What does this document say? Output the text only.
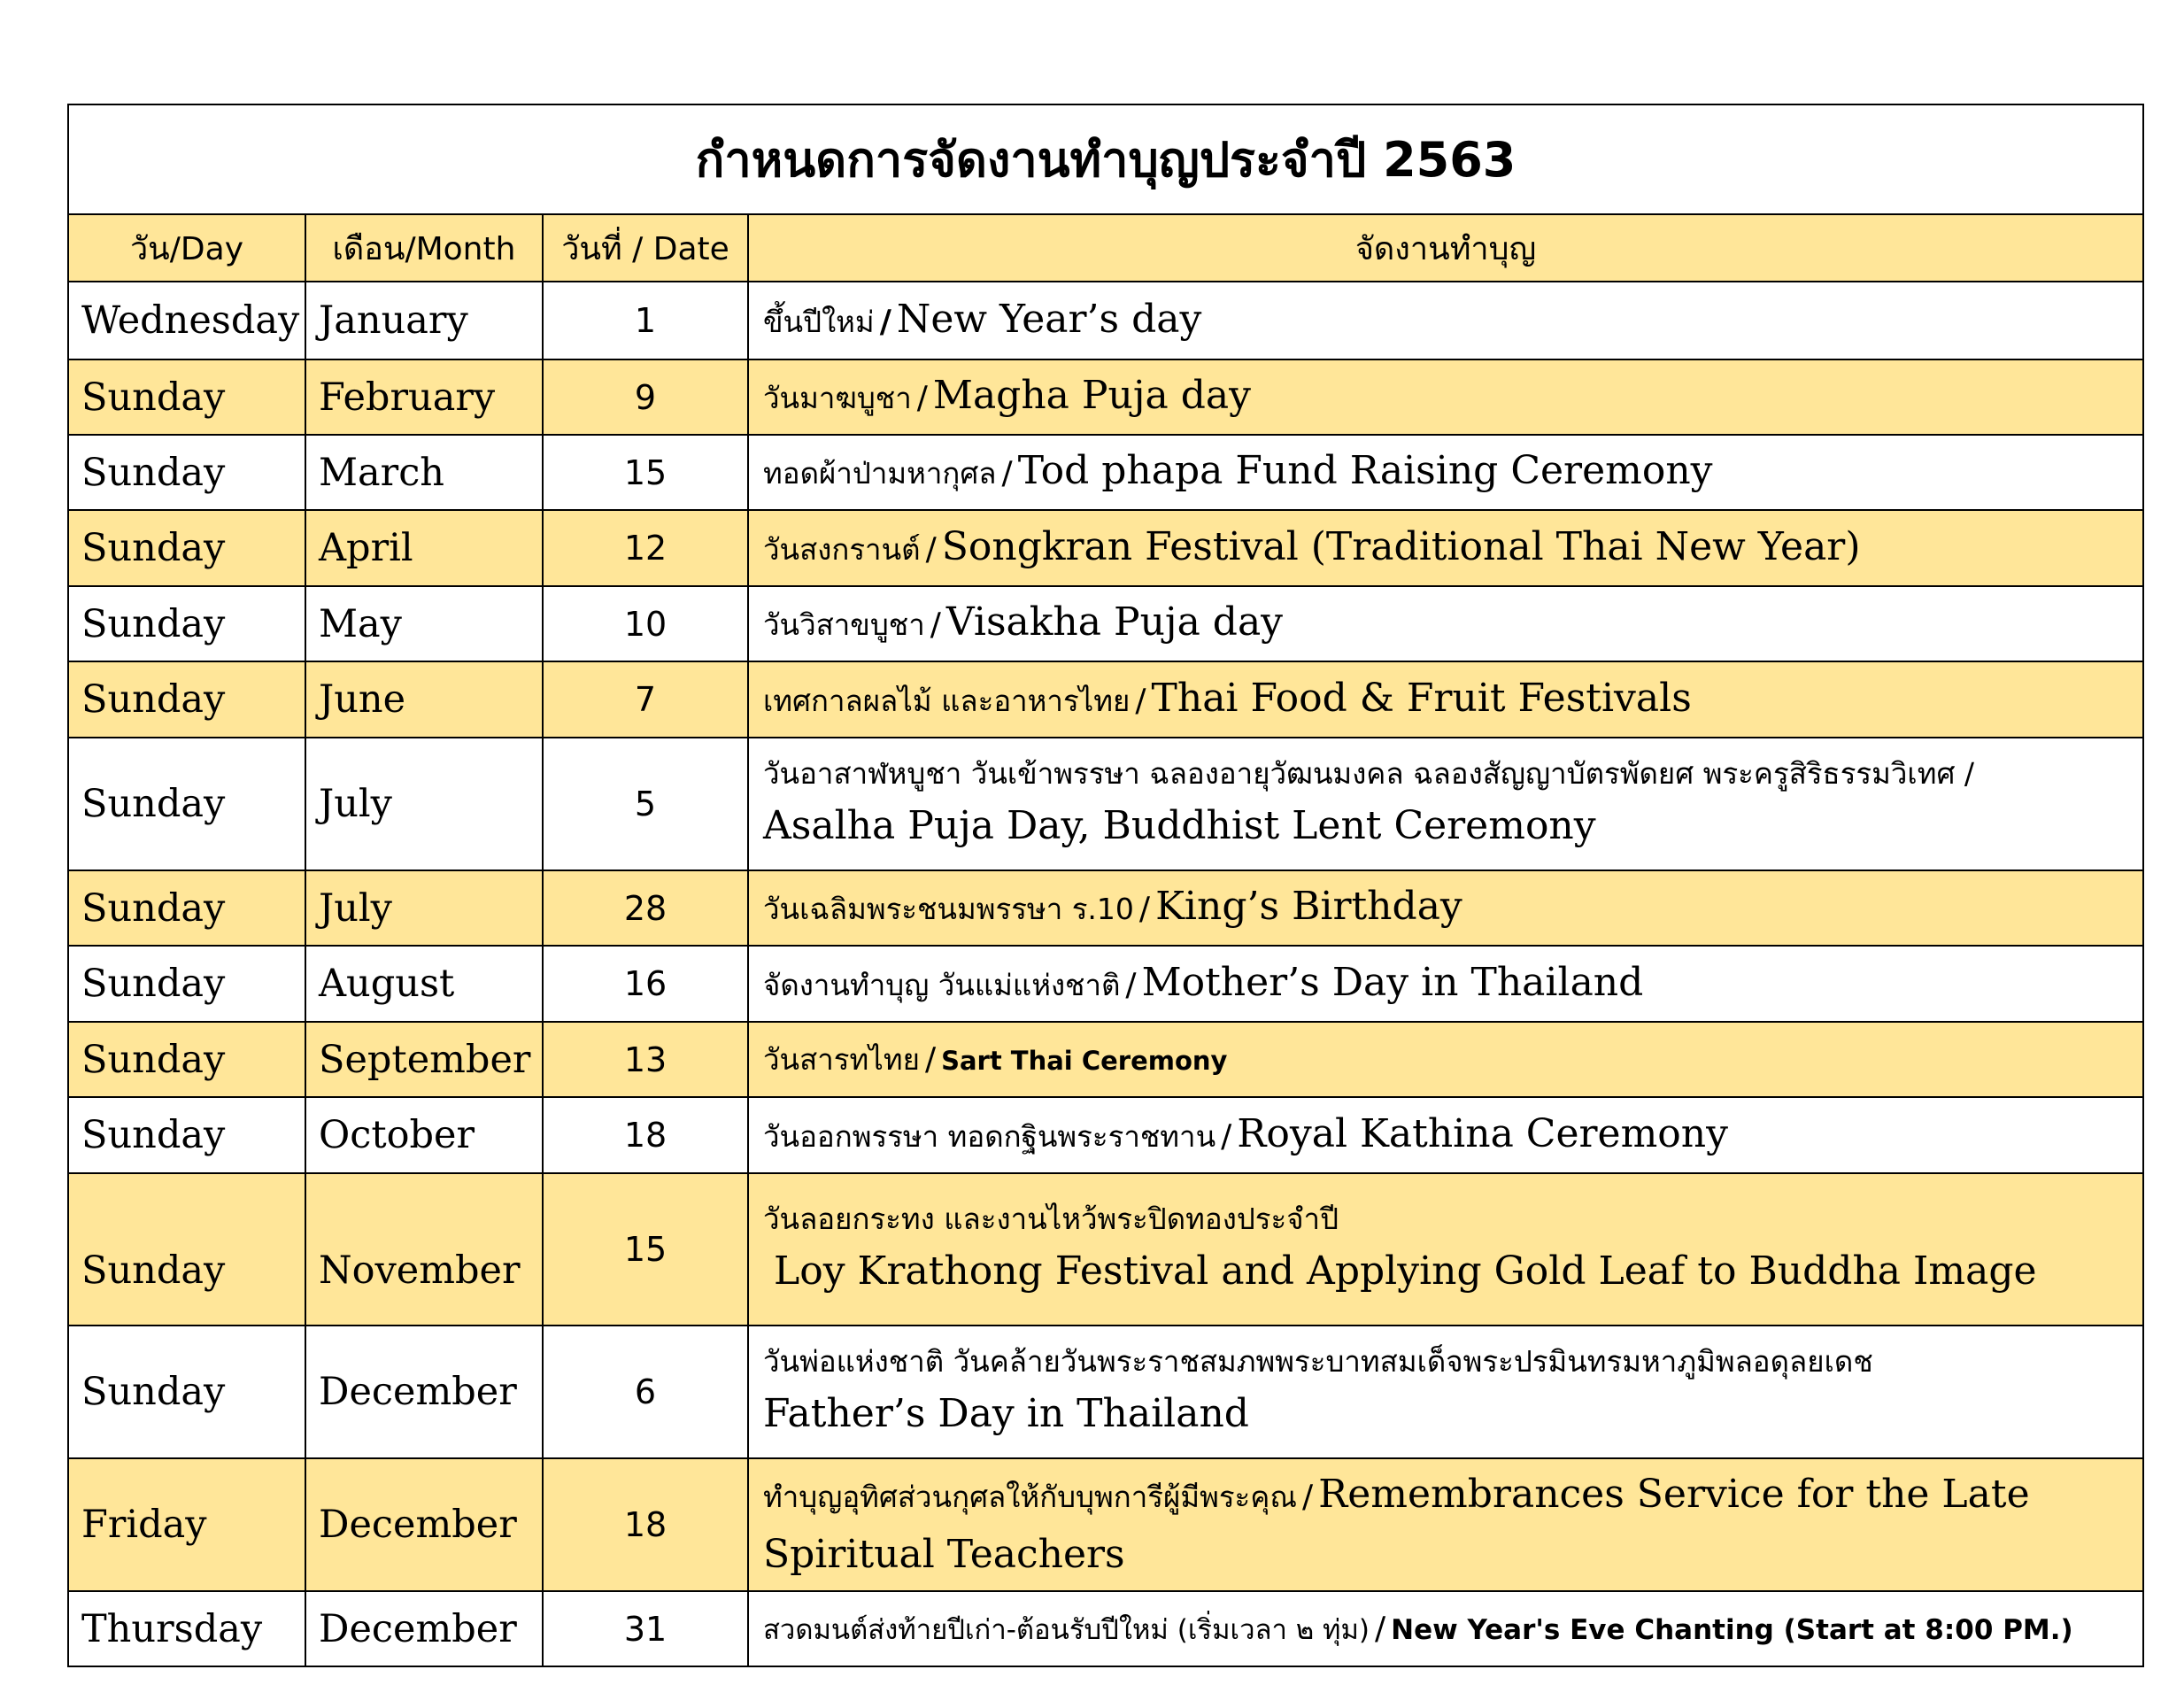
กำหนดการจัดงานทำบุญประจำปี 2563			
วัน/Day	เดือน/Month	วันที่ / Date	จัดงานทำบุญ
Wednesday	January	1	ขึ้นปีใหม่ / New Year’s day
Sunday	February	9	วันมาฆบูชา / Magha Puja day
Sunday	March	15	ทอดผ้าป่ามหากุศล / Tod phapa Fund Raising Ceremony
Sunday	April	12	วันสงกรานต์ / Songkran Festival (Traditional Thai New Year)
Sunday	May	10	วันวิสาขบูชา / Visakha Puja day
Sunday	June	7	เทศกาลผลไม้ และอาหารไทย / Thai Food & Fruit Festivals
Sunday	July	5	วันอาสาฬหบูชา วันเข้าพรรษา ฉลองอายุวัฒนมงคล ฉลองสัญญาบัตรพัดยศ พระครูสิริธรรมวิเทศ /
Asalha Puja Day, Buddhist Lent Ceremony

Sunday	July	28	วันเฉลิมพระชนมพรรษา ร.10 / King’s Birthday
Sunday	August	16	จัดงานทำบุญ วันแม่แห่งชาติ / Mother’s Day in Thailand
Sunday	September	13	วันสารทไทย / Sart Thai Ceremony
Sunday	October	18	วันออกพรรษา ทอดกฐินพระราชทาน / Royal Kathina Ceremony
Sunday	November	15	วันลอยกระทง และงานไหว้พระปิดทองประจำปี
Loy Krathong Festival and Applying Gold Leaf to Buddha Image

Sunday	December	6	วันพ่อแห่งชาติ วันคล้ายวันพระราชสมภพพระบาทสมเด็จพระปรมินทรมหาภูมิพลอดุลยเดช
Father’s Day in Thailand

Friday	December	18	ทำบุญอุทิศส่วนกุศลให้กับบุพการีผู้มีพระคุณ / Remembrances Service for the Late
Spiritual Teachers

Thursday	December	31	สวดมนต์ส่งท้ายปีเก่า-ต้อนรับปีใหม่ (เริ่มเวลา ๒ ทุ่ม) / New Year's Eve Chanting (Start at 8:00 PM.)
